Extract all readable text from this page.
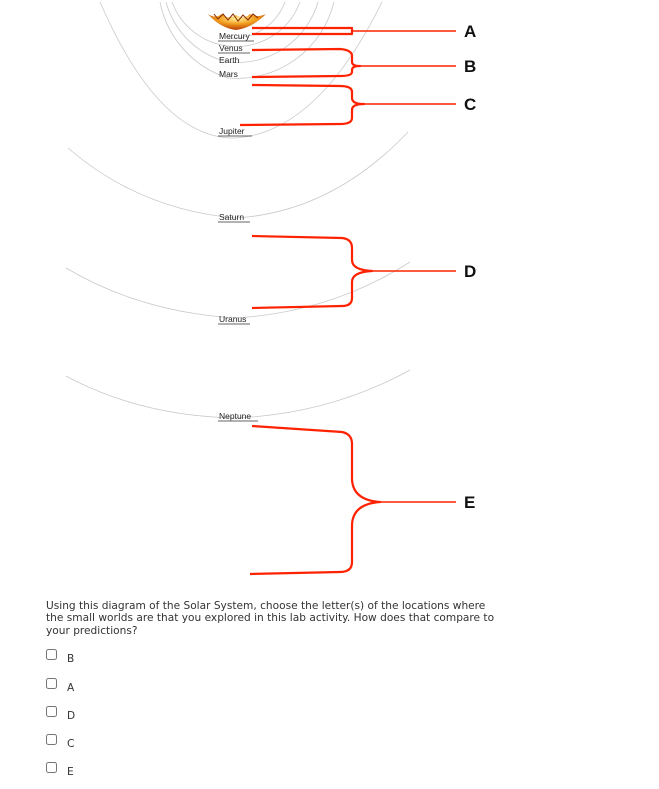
Mercury
Venus
Earth
Mars
Jupiter
Saturn
Uranus
Neptune
A
B
C
D
E

Using this diagram of the Solar System, choose the letter(s) of the locations where the small worlds are that you explored in this lab activity. How does that compare to your predictions?

B
A
D
C
E
